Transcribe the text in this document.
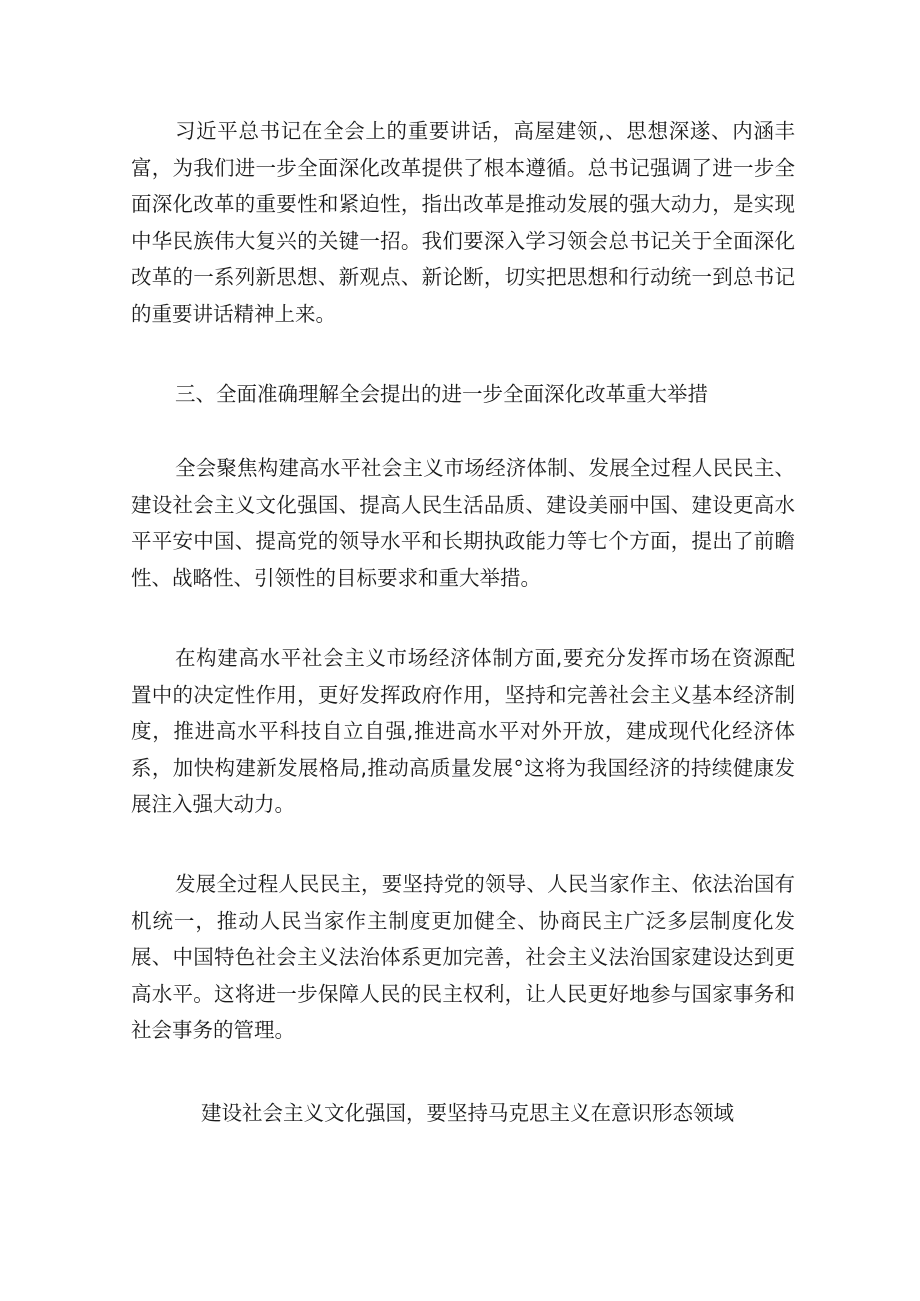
习近平总书记在全会上的重要讲话，高屋建领,、思想深遂、内涵丰富，为我们进一步全面深化改革提供了根本遵循。总书记强调了进一步全面深化改革的重要性和紧迫性，指出改革是推动发展的强大动力，是实现中华民族伟大复兴的关键一招。我们要深入学习领会总书记关于全面深化改革的一系列新思想、新观点、新论断，切实把思想和行动统一到总书记的重要讲话精神上来。

三、全面准确理解全会提出的进一步全面深化改革重大举措

全会聚焦构建高水平社会主义市场经济体制、发展全过程人民民主、建设社会主义文化强国、提高人民生活品质、建设美丽中国、建设更高水平平安中国、提高党的领导水平和长期执政能力等七个方面，提出了前瞻性、战略性、引领性的目标要求和重大举措。

在构建高水平社会主义市场经济体制方面,要充分发挥市场在资源配置中的决定性作用，更好发挥政府作用，坚持和完善社会主义基本经济制度，推进高水平科技自立自强,推进高水平对外开放，建成现代化经济体系，加快构建新发展格局,推动高质量发展°这将为我国经济的持续健康发展注入强大动力。

发展全过程人民民主，要坚持党的领导、人民当家作主、依法治国有机统一，推动人民当家作主制度更加健全、协商民主广泛多层制度化发展、中国特色社会主义法治体系更加完善，社会主义法治国家建设达到更高水平。这将进一步保障人民的民主权利，让人民更好地参与国家事务和社会事务的管理。

建设社会主义文化强国，要坚持马克思主义在意识形态领域
